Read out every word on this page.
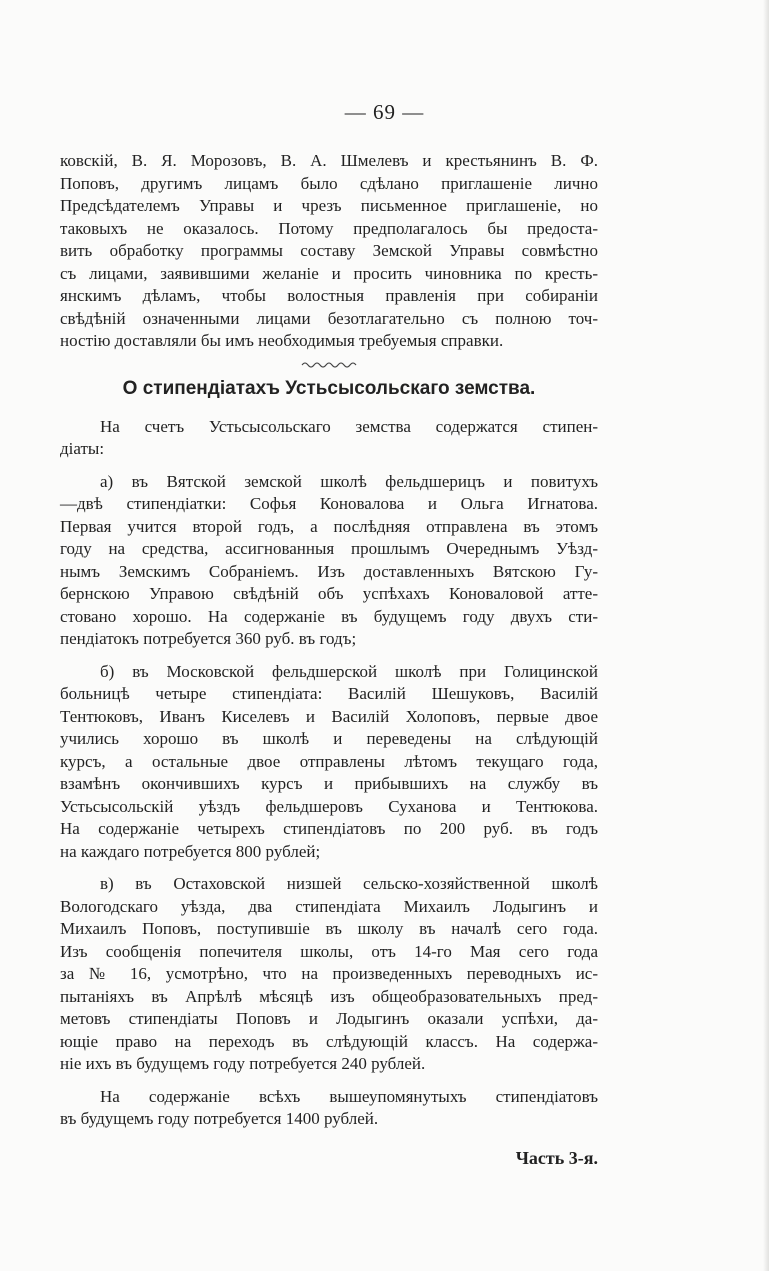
— 69 —
ковскій, В. Я. Морозовъ, В. А. Шмелевъ и крестьянинъ В. Ф.
Поповъ, другимъ лицамъ было сдѣлано приглашеніе лично
Предсѣдателемъ Управы и чрезъ письменное приглашеніе, но
таковыхъ не оказалось. Потому предполагалось бы предоста-
вить обработку программы составу Земской Управы совмѣстно
съ лицами, заявившими желаніе и просить чиновника по кресть-
янскимъ дѣламъ, чтобы волостныя правленія при собираніи
свѣдѣній означенными лицами безотлагательно съ полною точ-
ностію доставляли бы имъ необходимыя требуемыя справки.
О стипендіатахъ Устьсысольскаго земства.
На счетъ Устьсысольскаго земства содержатся стипен-
діаты:
а) въ Вятской земской школѣ фельдшерицъ и повитухъ
—двѣ стипендіатки: Софья Коновалова и Ольга Игнатова.
Первая учится второй годъ, а послѣдняя отправлена въ этомъ
году на средства, ассигнованныя прошлымъ Очереднымъ Уѣзд-
нымъ Земскимъ Собраніемъ. Изъ доставленныхъ Вятскою Гу-
бернскою Управою свѣдѣній объ успѣхахъ Коноваловой атте-
стовано хорошо. На содержаніе въ будущемъ году двухъ сти-
пендіатокъ потребуется 360 руб. въ годъ;
б) въ Московской фельдшерской школѣ при Голицинской
больницѣ четыре стипендіата: Василій Шешуковъ, Василій
Тентюковъ, Иванъ Киселевъ и Василій Холоповъ, первые двое
учились хорошо въ школѣ и переведены на слѣдующій
курсъ, а остальные двое отправлены лѣтомъ текущаго года,
взамѣнъ окончившихъ курсъ и прибывшихъ на службу въ
Устьсысольскій уѣздъ фельдшеровъ Суханова и Тентюкова.
На содержаніе четырехъ стипендіатовъ по 200 руб. въ годъ
на каждаго потребуется 800 рублей;
в) въ Остаховской низшей сельско-хозяйственной школѣ
Вологодскаго уѣзда, два стипендіата Михаилъ Лодыгинъ и
Михаилъ Поповъ, поступившіе въ школу въ началѣ сего года.
Изъ сообщенія попечителя школы, отъ 14-го Мая сего года
за № 16, усмотрѣно, что на произведенныхъ переводныхъ ис-
пытаніяхъ въ Апрѣлѣ мѣсяцѣ изъ общеобразовательныхъ пред-
метовъ стипендіаты Поповъ и Лодыгинъ оказали успѣхи, да-
ющіе право на переходъ въ слѣдующій классъ. На содержа-
ніе ихъ въ будущемъ году потребуется 240 рублей.
На содержаніе всѣхъ вышеупомянутыхъ стипендіатовъ
въ будущемъ году потребуется 1400 рублей.
Часть 3-я.
